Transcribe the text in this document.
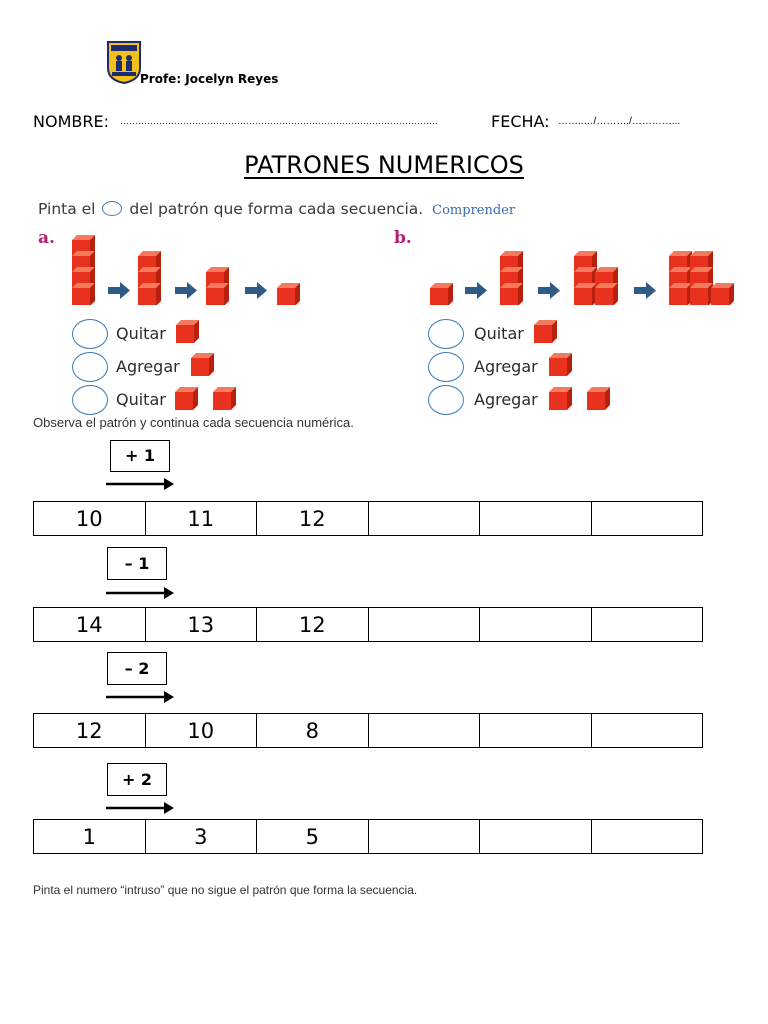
Profe: Jocelyn Reyes
NOMBRE: …………………………………………………………………………………………….	FECHA: ……..…/………./…………...
PATRONES NUMERICOS
Pinta el del patrón que forma cada secuencia. Comprender
a.	b.
Quitar
Agregar
Quitar
Quitar
Agregar
Agregar
Observa el patrón y continua cada secuencia numérica.
+ 1
10	11	12			
– 1
14	13	12			
– 2
12	10	8			
+ 2
1	3	5			
Pinta el numero “intruso” que no sigue el patrón que forma la secuencia.
